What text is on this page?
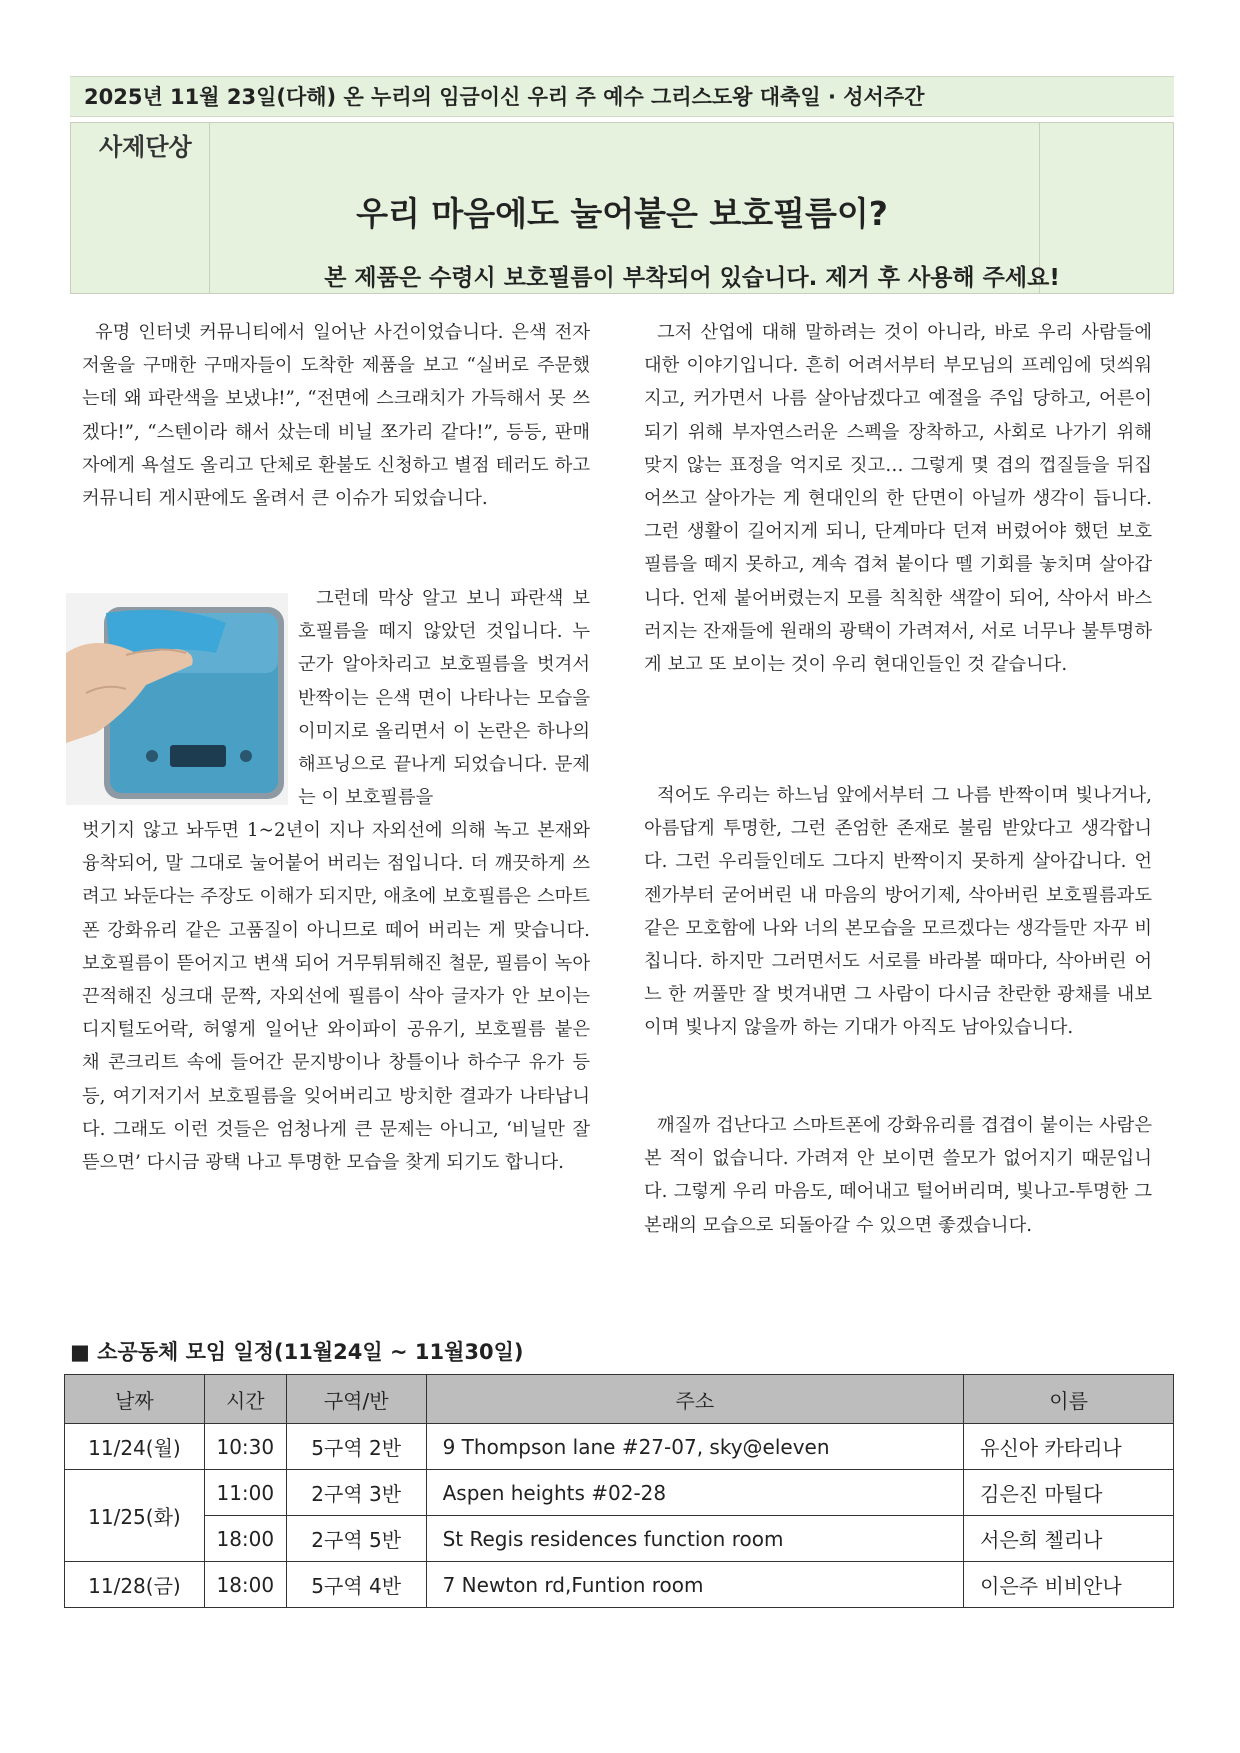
2025년 11월 23일(다해) 온 누리의 임금이신 우리 주 예수 그리스도왕 대축일 · 성서주간
사제단상
우리 마음에도 눌어붙은 보호필름이?
본 제품은 수령시 보호필름이 부착되어 있습니다. 제거 후 사용해 주세요!

유명 인터넷 커뮤니티에서 일어난 사건이었습니다. 은색 전자저울을 구매한 구매자들이 도착한 제품을 보고 “실버로 주문했는데 왜 파란색을 보냈냐!”, “전면에 스크래치가 가득해서 못 쓰겠다!”, “스텐이라 해서 샀는데 비닐 쪼가리 같다!”, 등등, 판매자에게 욕설도 올리고 단체로 환불도 신청하고 별점 테러도 하고 커뮤니티 게시판에도 올려서 큰 이슈가 되었습니다.

그런데 막상 알고 보니 파란색 보호필름을 떼지 않았던 것입니다. 누군가 알아차리고 보호필름을 벗겨서 반짝이는 은색 면이 나타나는 모습을 이미지로 올리면서 이 논란은 하나의 해프닝으로 끝나게 되었습니다. 문제는 이 보호필름을

벗기지 않고 놔두면 1~2년이 지나 자외선에 의해 녹고 본재와 융착되어, 말 그대로 눌어붙어 버리는 점입니다. 더 깨끗하게 쓰려고 놔둔다는 주장도 이해가 되지만, 애초에 보호필름은 스마트폰 강화유리 같은 고품질이 아니므로 떼어 버리는 게 맞습니다. 보호필름이 뜯어지고 변색 되어 거무튀튀해진 철문, 필름이 녹아 끈적해진 싱크대 문짝, 자외선에 필름이 삭아 글자가 안 보이는 디지털도어락, 허옇게 일어난 와이파이 공유기, 보호필름 붙은 채 콘크리트 속에 들어간 문지방이나 창틀이나 하수구 유가 등등, 여기저기서 보호필름을 잊어버리고 방치한 결과가 나타납니다. 그래도 이런 것들은 엄청나게 큰 문제는 아니고, ‘비닐만 잘 뜯으면’ 다시금 광택 나고 투명한 모습을 찾게 되기도 합니다.

그저 산업에 대해 말하려는 것이 아니라, 바로 우리 사람들에 대한 이야기입니다. 흔히 어려서부터 부모님의 프레임에 덧씌워지고, 커가면서 나름 살아남겠다고 예절을 주입 당하고, 어른이 되기 위해 부자연스러운 스펙을 장착하고, 사회로 나가기 위해 맞지 않는 표정을 억지로 짓고… 그렇게 몇 겹의 껍질들을 뒤집어쓰고 살아가는 게 현대인의 한 단면이 아닐까 생각이 듭니다. 그런 생활이 길어지게 되니, 단계마다 던져 버렸어야 했던 보호필름을 떼지 못하고, 계속 겹쳐 붙이다 뗄 기회를 놓치며 살아갑니다. 언제 붙어버렸는지 모를 칙칙한 색깔이 되어, 삭아서 바스러지는 잔재들에 원래의 광택이 가려져서, 서로 너무나 불투명하게 보고 또 보이는 것이 우리 현대인들인 것 같습니다.

적어도 우리는 하느님 앞에서부터 그 나름 반짝이며 빛나거나, 아름답게 투명한, 그런 존엄한 존재로 불림 받았다고 생각합니다. 그런 우리들인데도 그다지 반짝이지 못하게 살아갑니다. 언젠가부터 굳어버린 내 마음의 방어기제, 삭아버린 보호필름과도 같은 모호함에 나와 너의 본모습을 모르겠다는 생각들만 자꾸 비칩니다. 하지만 그러면서도 서로를 바라볼 때마다, 삭아버린 어느 한 꺼풀만 잘 벗겨내면 그 사람이 다시금 찬란한 광채를 내보이며 빛나지 않을까 하는 기대가 아직도 남아있습니다.

깨질까 겁난다고 스마트폰에 강화유리를 겹겹이 붙이는 사람은 본 적이 없습니다. 가려져 안 보이면 쓸모가 없어지기 때문입니다. 그렇게 우리 마음도, 떼어내고 털어버리며, 빛나고-투명한 그 본래의 모습으로 되돌아갈 수 있으면 좋겠습니다.

■ 소공동체 모임 일정(11월24일 ~ 11월30일)
날짜	시간	구역/반	주소	이름
11/24(월)	10:30	5구역 2반	9 Thompson lane #27-07, sky@eleven	유신아 카타리나
11/25(화)	11:00	2구역 3반	Aspen heights #02-28	김은진 마틸다
	18:00	2구역 5반	St Regis residences function room	서은희 첼리나
11/28(금)	18:00	5구역 4반	7 Newton rd,Funtion room	이은주 비비안나
